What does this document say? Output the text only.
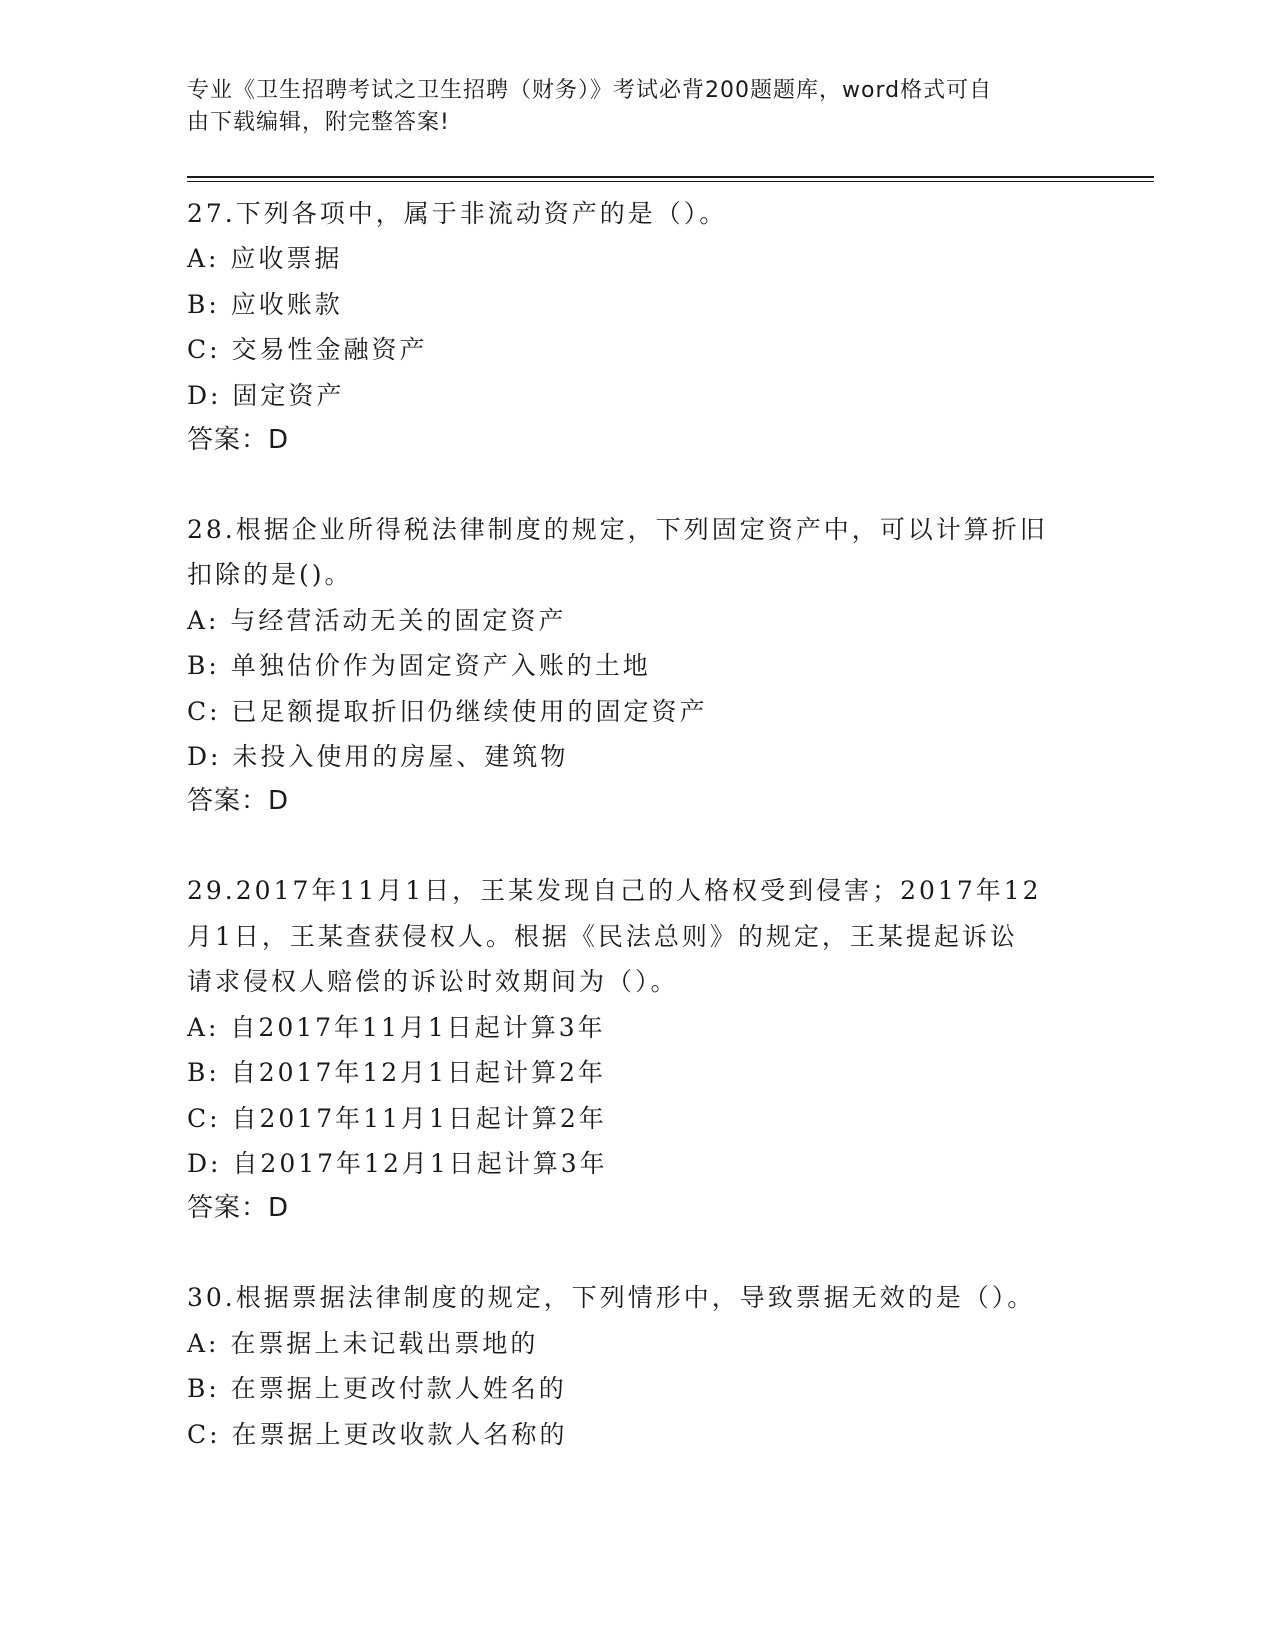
专业《卫生招聘考试之卫生招聘（财务）》考试必背200题题库，word格式可自
由下载编辑，附完整答案!
27.下列各项中，属于非流动资产的是（）。
A: 应收票据
B: 应收账款
C: 交易性金融资产
D: 固定资产
答案：D
28.根据企业所得税法律制度的规定，下列固定资产中，可以计算折旧
扣除的是()。
A: 与经营活动无关的固定资产
B: 单独估价作为固定资产入账的土地
C: 已足额提取折旧仍继续使用的固定资产
D: 未投入使用的房屋、建筑物
答案：D
29.2017年11月1日，王某发现自己的人格权受到侵害；2017年12
月1日，王某查获侵权人。根据《民法总则》的规定，王某提起诉讼
请求侵权人赔偿的诉讼时效期间为（）。
A: 自2017年11月1日起计算3年
B: 自2017年12月1日起计算2年
C: 自2017年11月1日起计算2年
D: 自2017年12月1日起计算3年
答案：D
30.根据票据法律制度的规定，下列情形中，导致票据无效的是（）。
A: 在票据上未记载出票地的
B: 在票据上更改付款人姓名的
C: 在票据上更改收款人名称的
